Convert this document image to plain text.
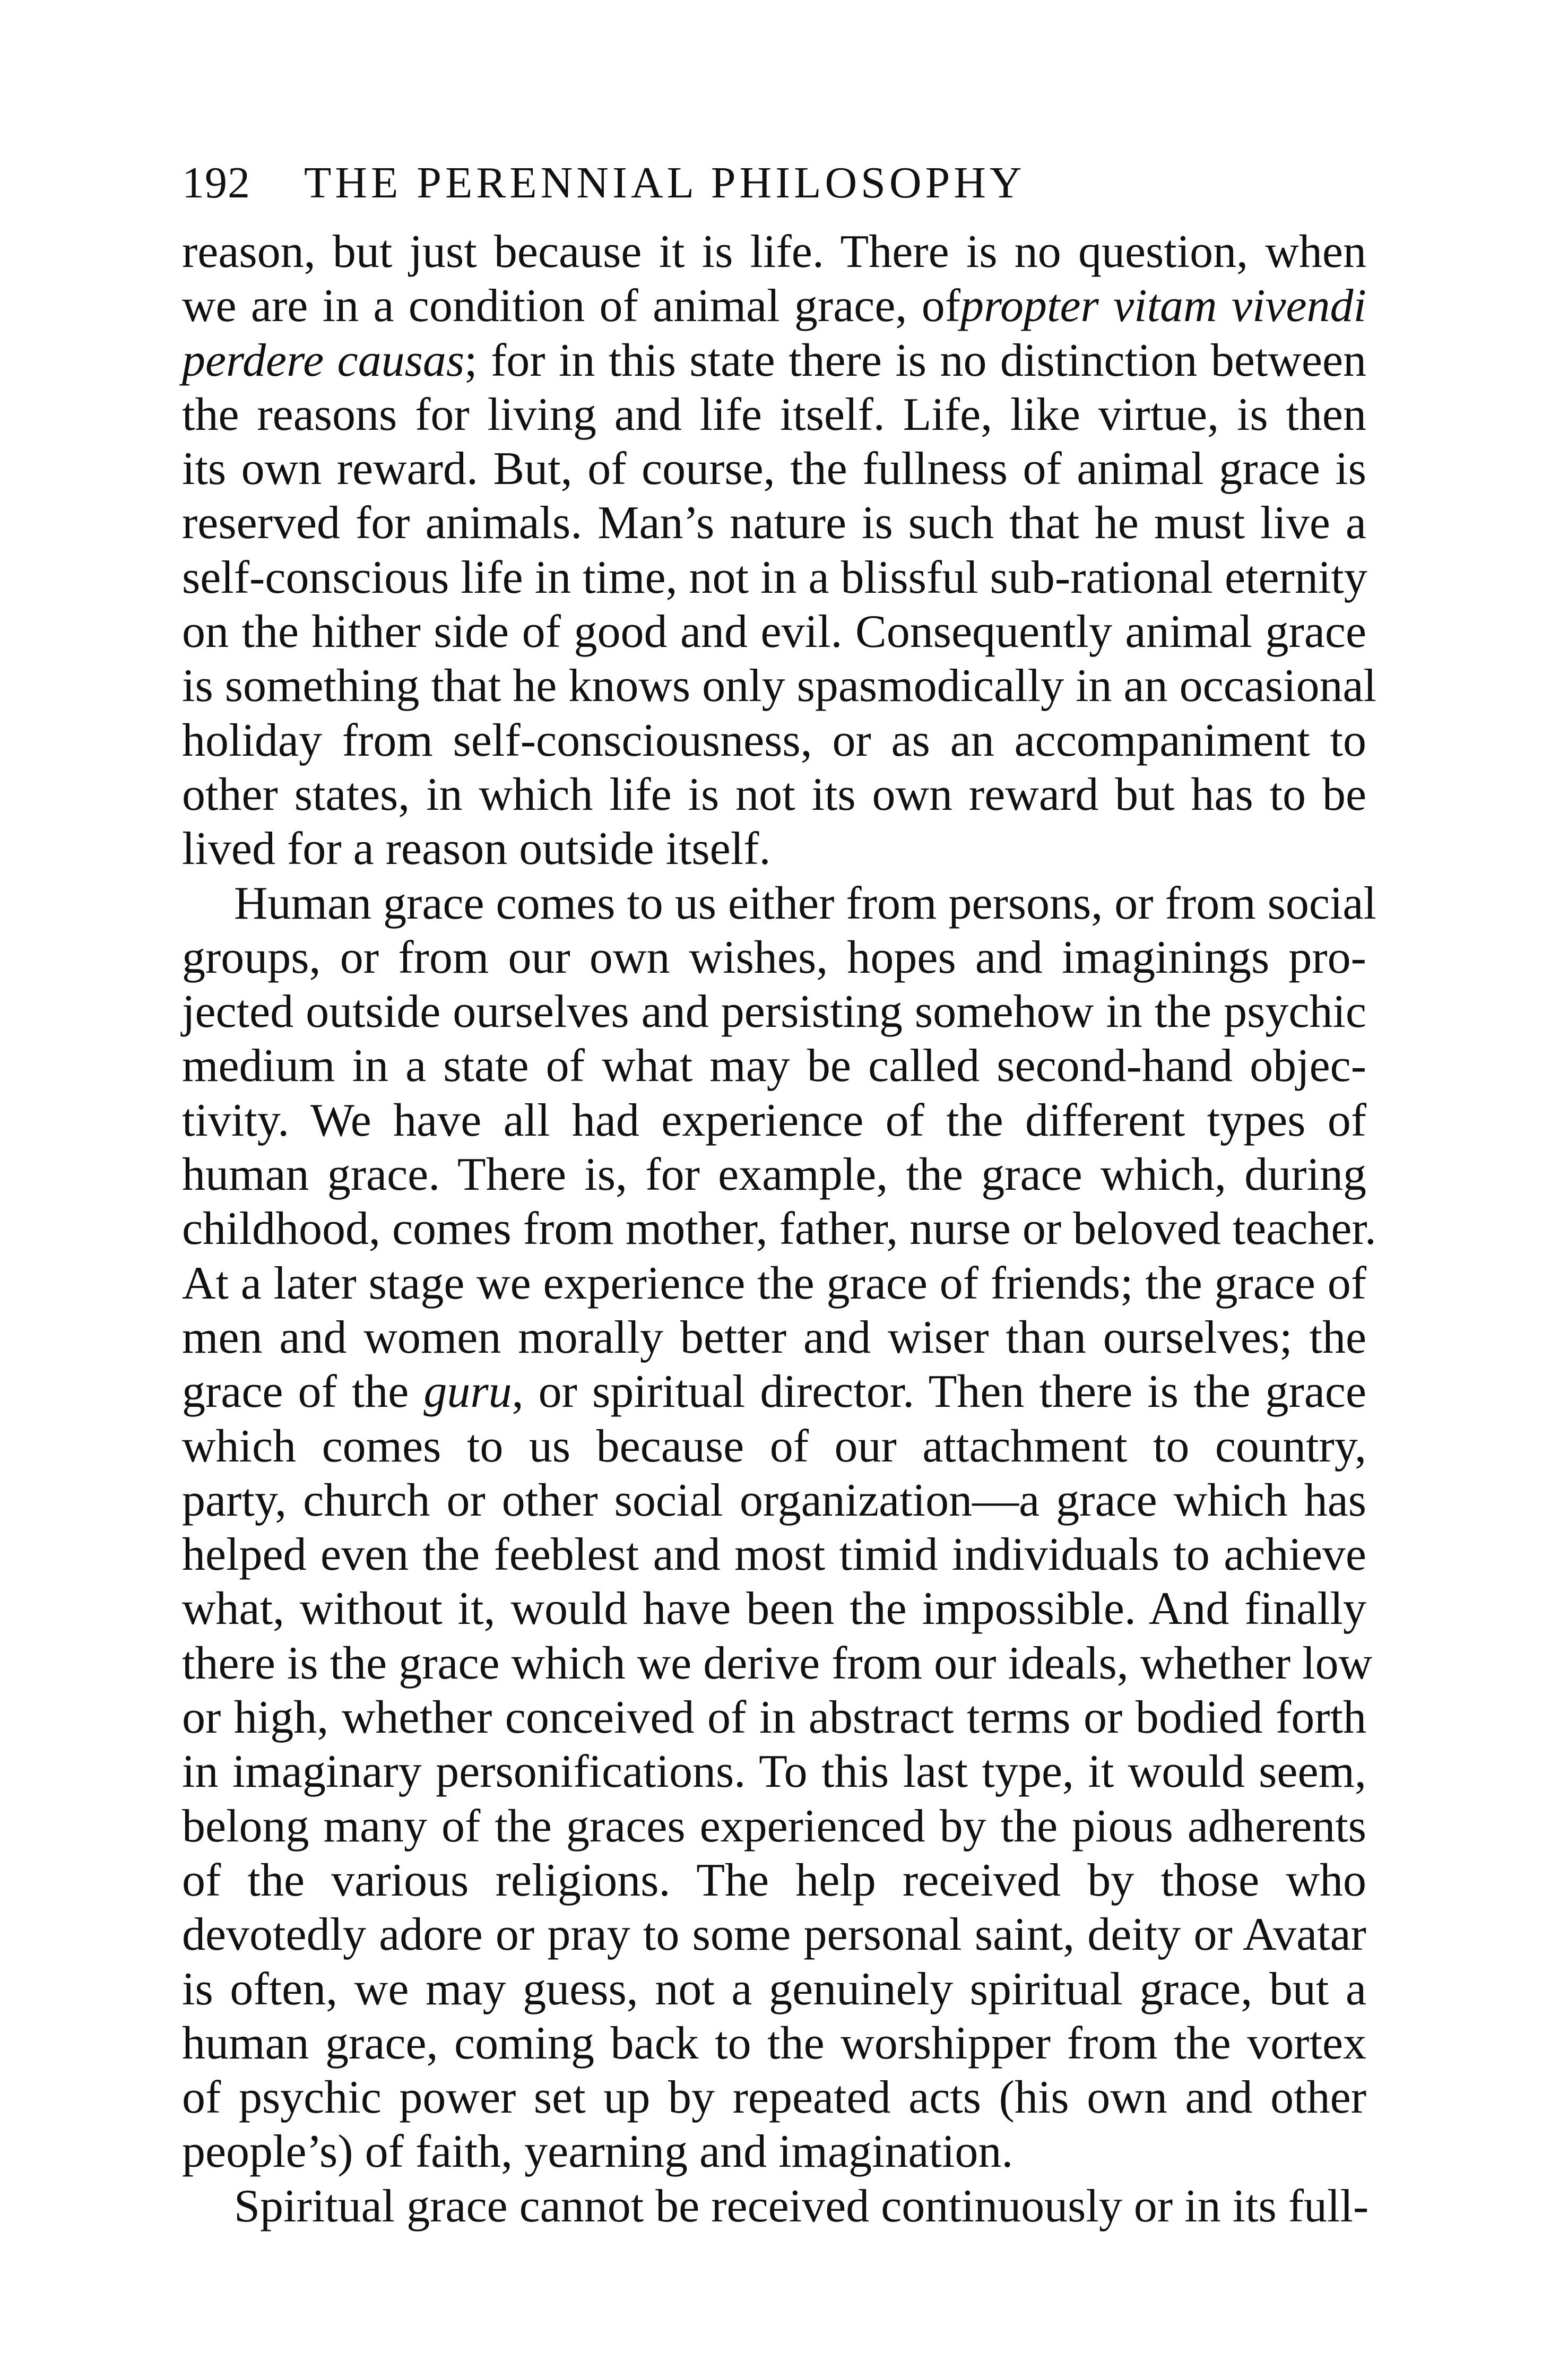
192 THE PERENNIAL PHILOSOPHY
reason, but just because it is life. There is no question, when
we are in a condition of animal grace, ofpropter vitam vivendi
perdere causas; for in this state there is no distinction between
the reasons for living and life itself. Life, like virtue, is then
its own reward. But, of course, the fullness of animal grace is
reserved for animals. Man’s nature is such that he must live a
self-conscious life in time, not in a blissful sub-rational eternity
on the hither side of good and evil. Consequently animal grace
is something that he knows only spasmodically in an occasional
holiday from self-consciousness, or as an accompaniment to
other states, in which life is not its own reward but has to be
lived for a reason outside itself.
Human grace comes to us either from persons, or from social
groups, or from our own wishes, hopes and imaginings pro-
jected outside ourselves and persisting somehow in the psychic
medium in a state of what may be called second-hand objec-
tivity. We have all had experience of the different types of
human grace. There is, for example, the grace which, during
childhood, comes from mother, father, nurse or beloved teacher.
At a later stage we experience the grace of friends; the grace of
men and women morally better and wiser than ourselves; the
grace of the guru, or spiritual director. Then there is the grace
which comes to us because of our attachment to country,
party, church or other social organization—a grace which has
helped even the feeblest and most timid individuals to achieve
what, without it, would have been the impossible. And finally
there is the grace which we derive from our ideals, whether low
or high, whether conceived of in abstract terms or bodied forth
in imaginary personifications. To this last type, it would seem,
belong many of the graces experienced by the pious adherents
of the various religions. The help received by those who
devotedly adore or pray to some personal saint, deity or Avatar
is often, we may guess, not a genuinely spiritual grace, but a
human grace, coming back to the worshipper from the vortex
of psychic power set up by repeated acts (his own and other
people’s) of faith, yearning and imagination.
Spiritual grace cannot be received continuously or in its full-
